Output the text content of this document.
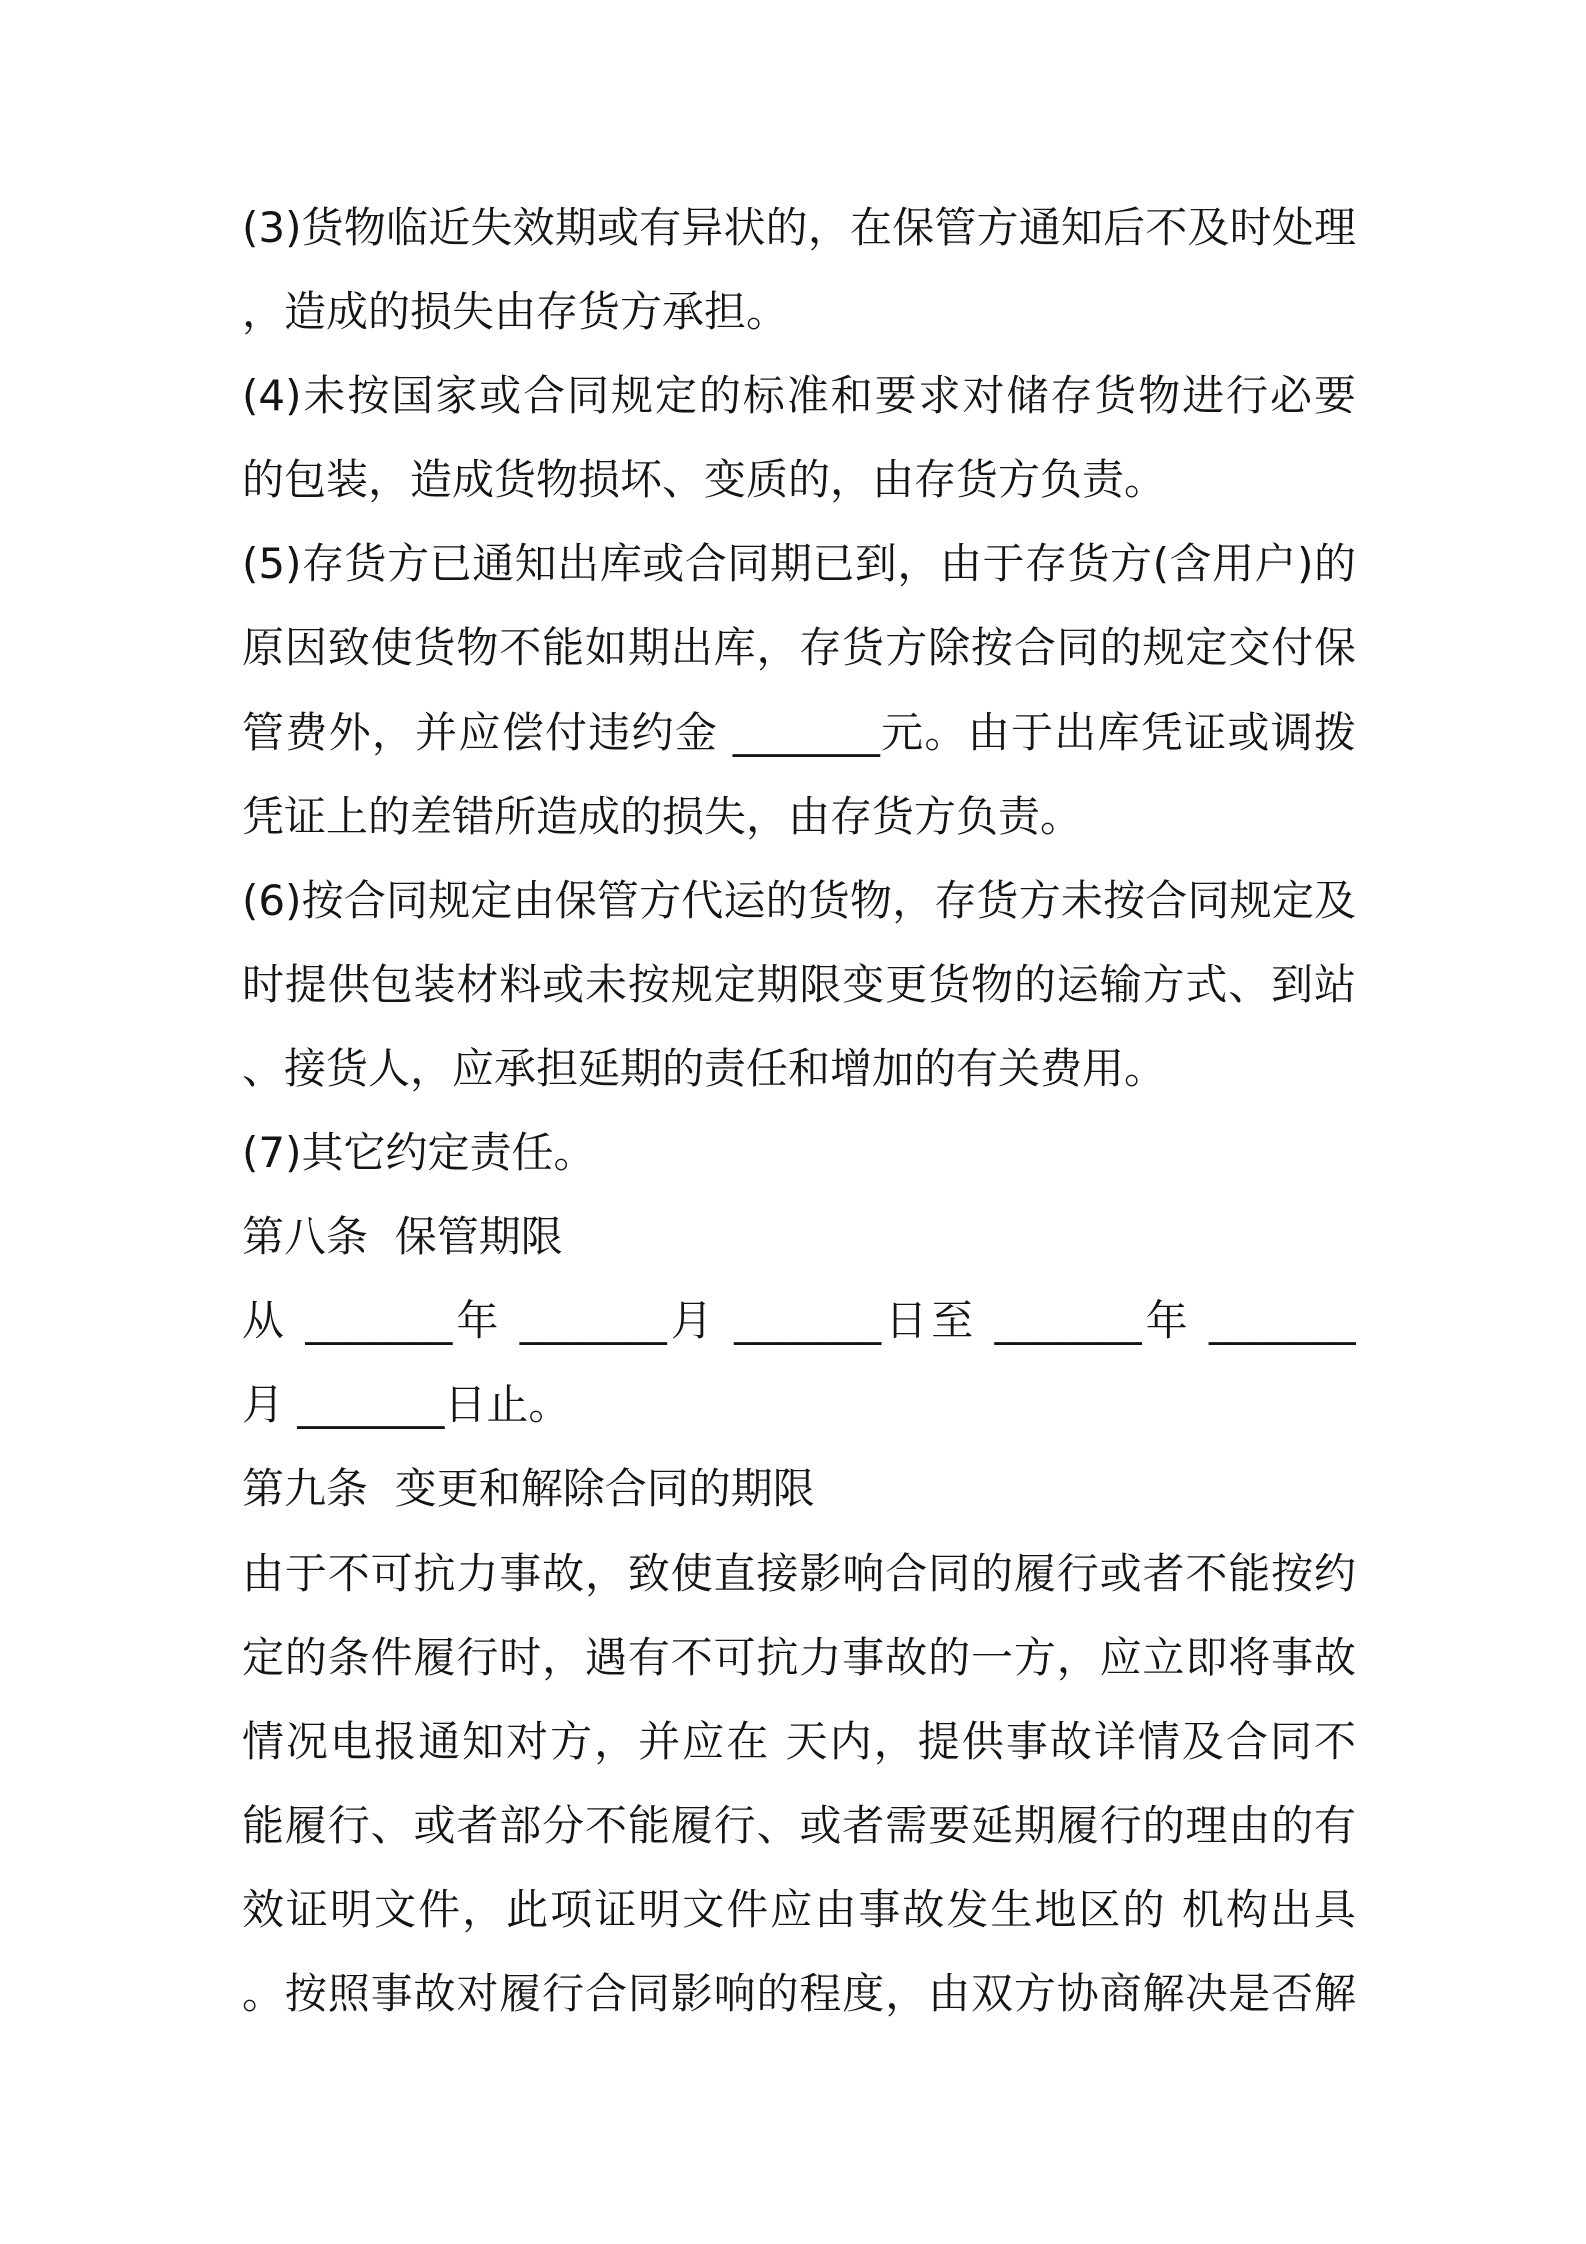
(3)货物临近失效期或有异状的，在保管方通知后不及时处理
，造成的损失由存货方承担。
(4)未按国家或合同规定的标准和要求对储存货物进行必要
的包装，造成货物损坏、变质的，由存货方负责。
(5)存货方已通知出库或合同期已到，由于存货方(含用户)的
原因致使货物不能如期出库，存货方除按合同的规定交付保
管费外，并应偿付违约金 _______元。由于出库凭证或调拨
凭证上的差错所造成的损失，由存货方负责。
(6)按合同规定由保管方代运的货物，存货方未按合同规定及
时提供包装材料或未按规定期限变更货物的运输方式、到站
、接货人，应承担延期的责任和增加的有关费用。
(7)其它约定责任。
第八条  保管期限
从 _______年 _______月 _______日至 _______年 _______
月 _______日止。
第九条  变更和解除合同的期限
由于不可抗力事故，致使直接影响合同的履行或者不能按约
定的条件履行时，遇有不可抗力事故的一方，应立即将事故
情况电报通知对方，并应在 天内，提供事故详情及合同不
能履行、或者部分不能履行、或者需要延期履行的理由的有
效证明文件，此项证明文件应由事故发生地区的 机构出具
。按照事故对履行合同影响的程度，由双方协商解决是否解
